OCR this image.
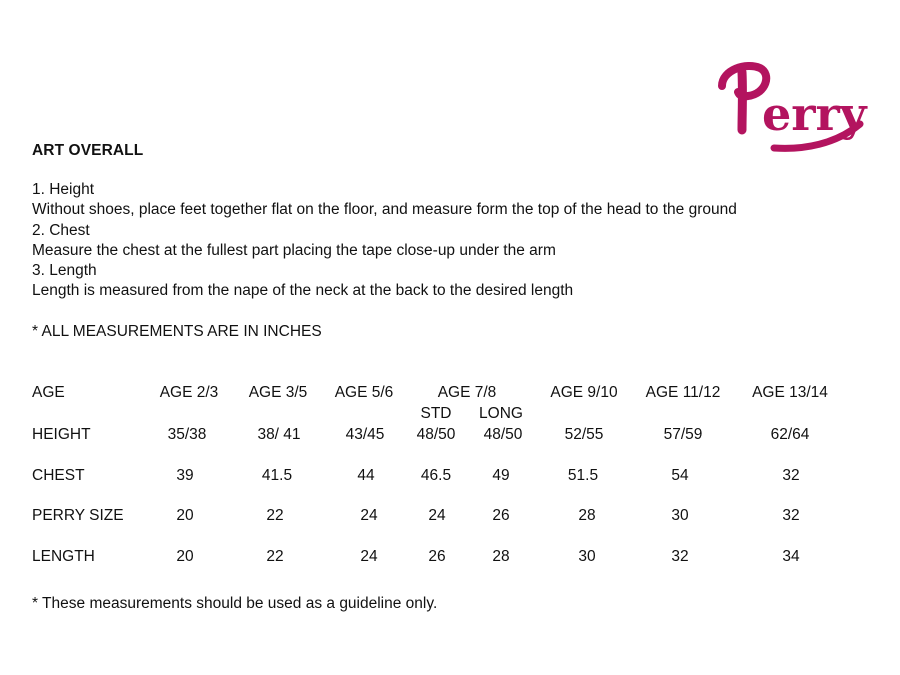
erry
ART OVERALL
1. Height
Without shoes, place feet together flat on the floor, and measure form the top of the head to the ground
2. Chest
Measure the chest at the fullest part placing the tape close-up under the arm
3. Length
Length is measured from the nape of the neck at the back to the desired length
* ALL MEASUREMENTS ARE IN INCHES
AGE	AGE 2/3 AGE 3/5 AGE 5/6	AGE 7/8	AGE 9/10 AGE 11/12 AGE 13/14
STD LONG
HEIGHT	35/38	38/ 41	43/45 48/50 48/50	52/55	57/59	62/64
CHEST	39	41.5	44	46.5	49	51.5	54	32
PERRY SIZE	20	22	24	24	26	28	30	32
LENGTH	20	22	24	26	28	30	32	34
* These measurements should be used as a guideline only.
